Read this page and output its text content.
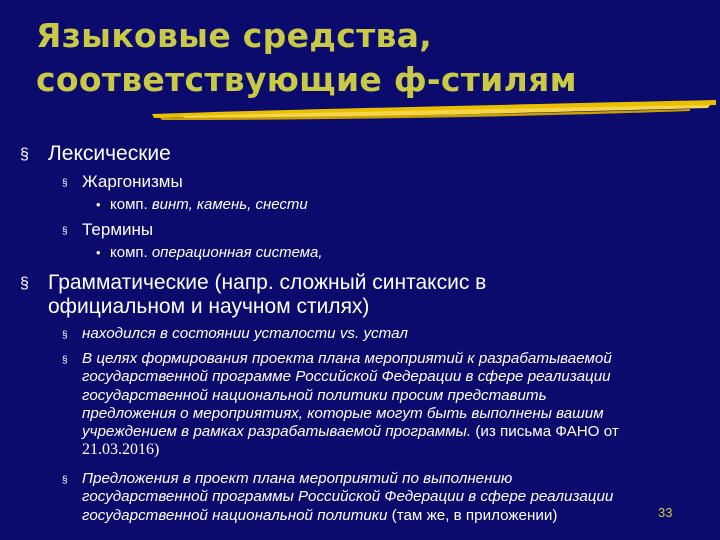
Языковые средства,
соответствующие ф-стилям
§ Лексические
§ Жаргонизмы
• комп. винт, камень, снести
§ Термины
• комп. операционная система,
§ Грамматические (напр. сложный синтаксис в
официальном и научном стилях)
§ находился в состоянии усталости vs. устал
§ В целях формирования проекта плана мероприятий к разрабатываемой
государственной программе Российской Федерации в сфере реализации
государственной национальной политики просим представить
предложения о мероприятиях, которые могут быть выполнены вашим
учреждением в рамках разрабатываемой программы. (из письма ФАНО от
21.03.2016)
§ Предложения в проект плана мероприятий по выполнению
государственной программы Российской Федерации в сфере реализации
государственной национальной политики (там же, в приложении)	33
